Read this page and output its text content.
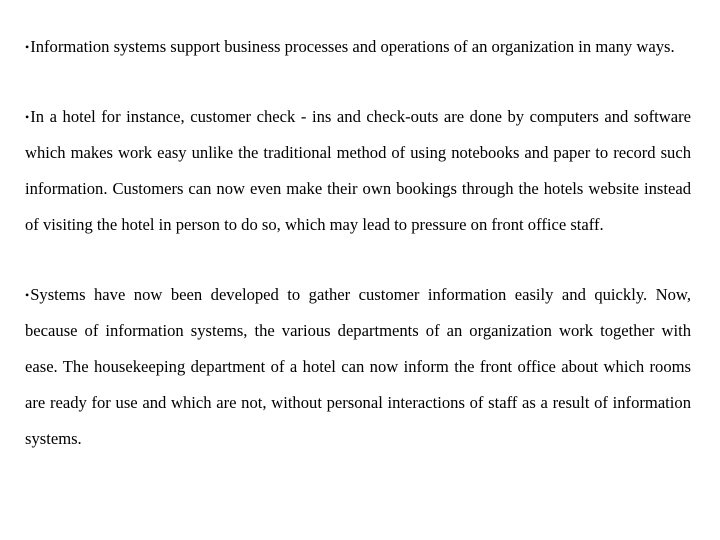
•Information systems support business processes and operations of an organization in many ways.

•In a hotel for instance, customer check - ins and check-outs are done by computers and software which makes work easy unlike the traditional method of using notebooks and paper to record such information. Customers can now even make their own bookings through the hotels website instead of visiting the hotel in person to do so, which may lead to pressure on front office staff.

•Systems have now been developed to gather customer information easily and quickly. Now, because of information systems, the various departments of an organization work together with ease. The housekeeping department of a hotel can now inform the front office about which rooms are ready for use and which are not, without personal interactions of staff as a result of information systems.
